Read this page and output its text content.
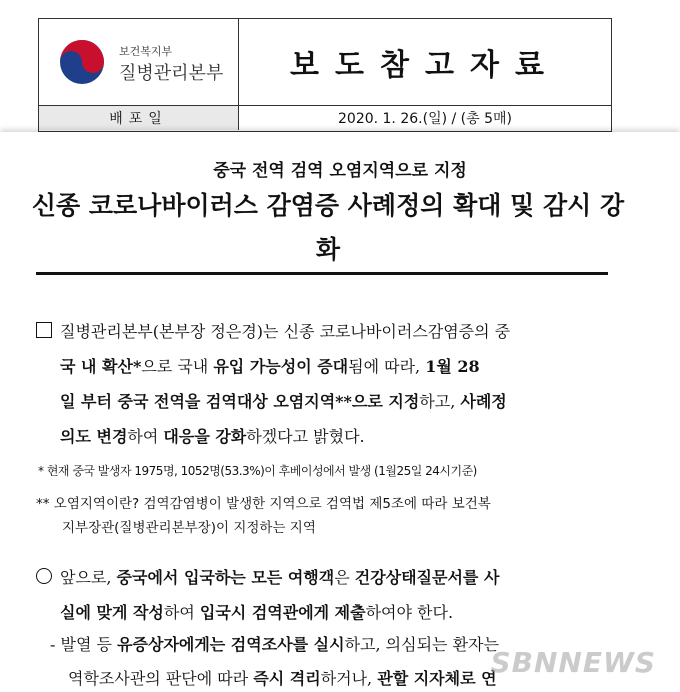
보건복지부
질병관리본부 보도참고자료
배포일	2020. 1. 26.(일) / (총 5매)
중국 전역 검역 오염지역으로 지정
신종 코로나바이러스 감염증 사례정의 확대 및 감시 강화
질병관리본부(본부장 정은경)는 신종 코로나바이러스감염증의 중
국 내 확산*으로 국내 유입 가능성이 증대됨에 따라, 1월 28
일 부터 중국 전역을 검역대상 오염지역**으로 지정하고, 사례정
의도 변경하여 대응을 강화하겠다고 밝혔다.
* 현재 중국 발생자 1975명, 1052명(53.3%)이 후베이성에서 발생 (1월25일 24시기준)
** 오염지역이란? 검역감염병이 발생한 지역으로 검역법 제5조에 따라 보건복
지부장관(질병관리본부장)이 지정하는 지역
앞으로, 중국에서 입국하는 모든 여행객은 건강상태질문서를 사
실에 맞게 작성하여 입국시 검역관에게 제출하여야 한다.
- 발열 등 유증상자에게는 검역조사를 실시하고, 의심되는 환자는
역학조사관의 판단에 따라 즉시 격리하거나, 관할 지자체로 연
SBNNEWS
